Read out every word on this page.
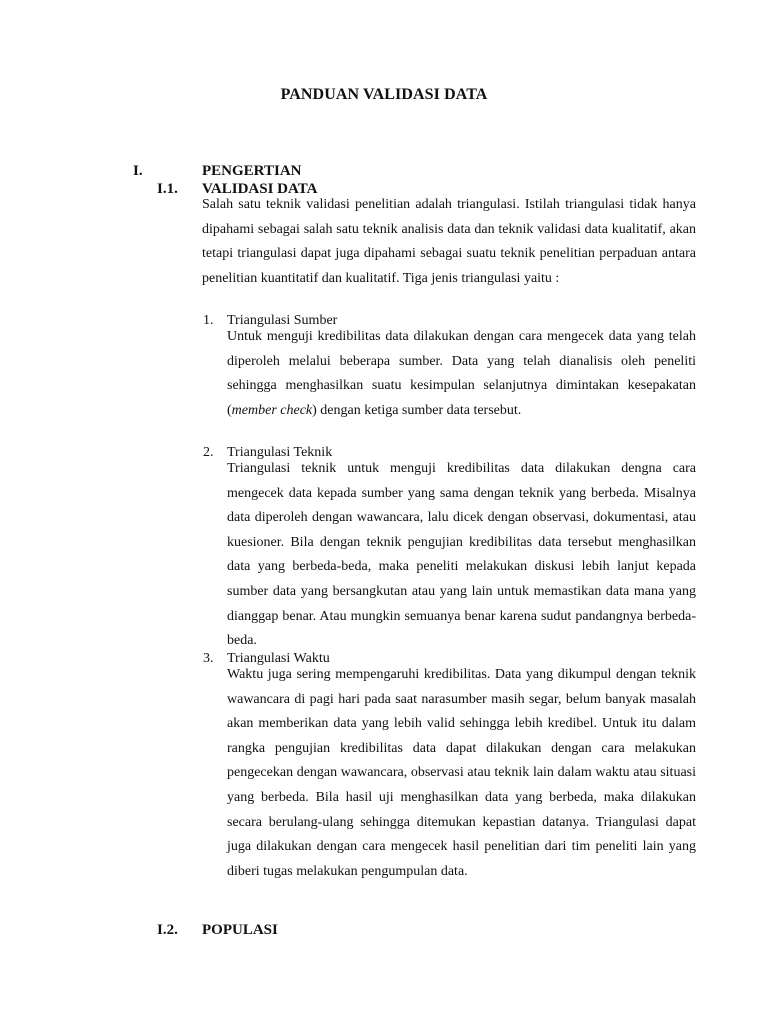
PANDUAN VALIDASI DATA
I.	PENGERTIAN
I.1. VALIDASI DATA

Salah satu teknik validasi penelitian adalah triangulasi. Istilah triangulasi tidak hanya dipahami sebagai salah satu teknik analisis data dan teknik validasi data kualitatif, akan tetapi triangulasi dapat juga dipahami sebagai suatu teknik penelitian perpaduan antara penelitian kuantitatif dan kualitatif. Tiga jenis triangulasi yaitu :

1. Triangulasi Sumber

Untuk menguji kredibilitas data dilakukan dengan cara mengecek data yang telah diperoleh melalui beberapa sumber. Data yang telah dianalisis oleh peneliti sehingga menghasilkan suatu kesimpulan selanjutnya dimintakan kesepakatan (member check) dengan ketiga sumber data tersebut.

2. Triangulasi Teknik

Triangulasi teknik untuk menguji kredibilitas data dilakukan dengna cara mengecek data kepada sumber yang sama dengan teknik yang berbeda. Misalnya data diperoleh dengan wawancara, lalu dicek dengan observasi, dokumentasi, atau kuesioner. Bila dengan teknik pengujian kredibilitas data tersebut menghasilkan data yang berbeda-beda, maka peneliti melakukan diskusi lebih lanjut kepada sumber data yang bersangkutan atau yang lain untuk memastikan data mana yang dianggap benar. Atau mungkin semuanya benar karena sudut pandangnya berbeda-beda.

3. Triangulasi Waktu

Waktu juga sering mempengaruhi kredibilitas. Data yang dikumpul dengan teknik wawancara di pagi hari pada saat narasumber masih segar, belum banyak masalah akan memberikan data yang lebih valid sehingga lebih kredibel. Untuk itu dalam rangka pengujian kredibilitas data dapat dilakukan dengan cara melakukan pengecekan dengan wawancara, observasi atau teknik lain dalam waktu atau situasi yang berbeda. Bila hasil uji menghasilkan data yang berbeda, maka dilakukan secara berulang-ulang sehingga ditemukan kepastian datanya. Triangulasi dapat juga dilakukan dengan cara mengecek hasil penelitian dari tim peneliti lain yang diberi tugas melakukan pengumpulan data.

I.2. POPULASI
